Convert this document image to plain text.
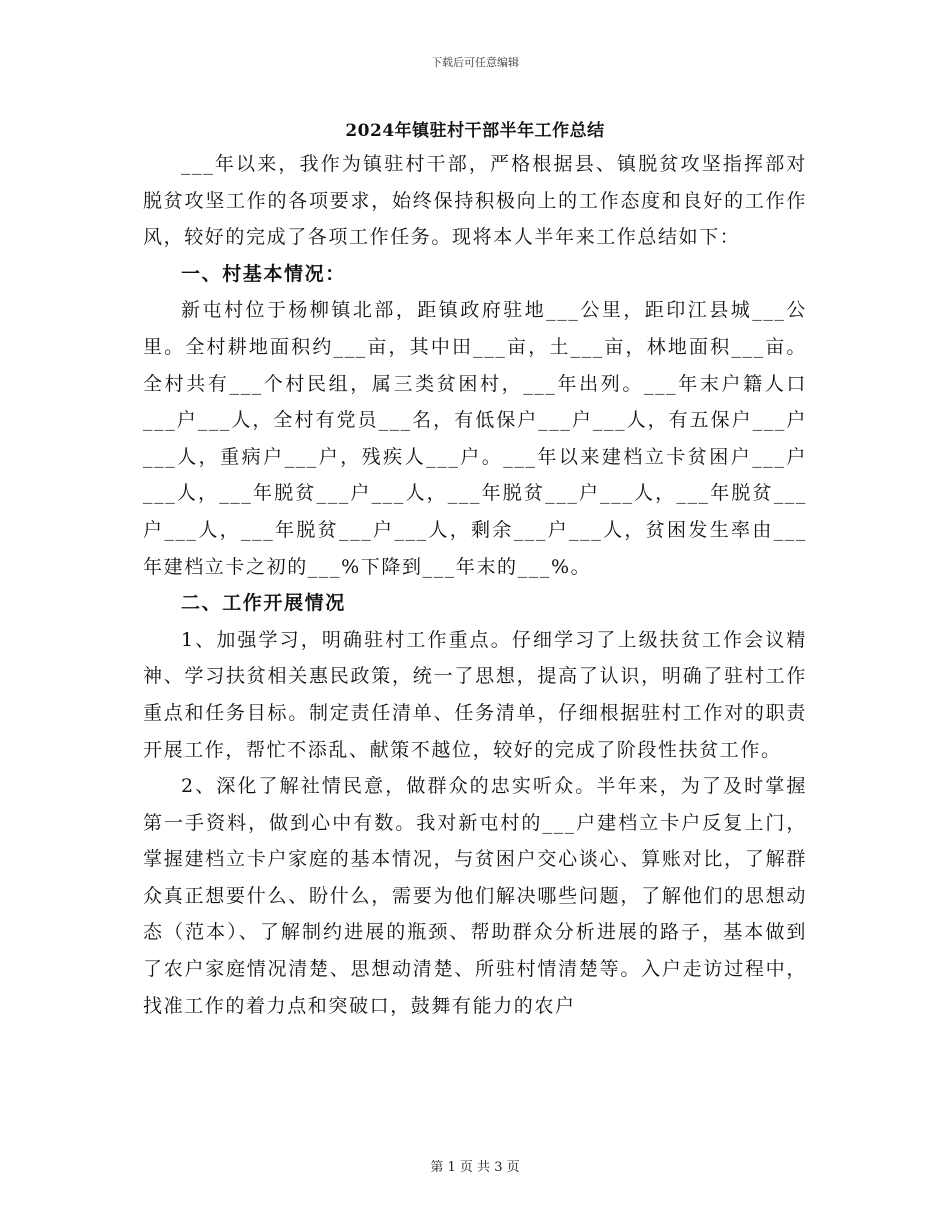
下载后可任意编辑
2024年镇驻村干部半年工作总结

___年以来，我作为镇驻村干部，严格根据县、镇脱贫攻坚指挥部对脱贫攻坚工作的各项要求，始终保持积极向上的工作态度和良好的工作作风，较好的完成了各项工作任务。现将本人半年来工作总结如下：

一、村基本情况：

新屯村位于杨柳镇北部，距镇政府驻地___公里，距印江县城___公里。全村耕地面积约___亩，其中田___亩，土___亩，林地面积___亩。全村共有___个村民组，属三类贫困村，___年出列。___年末户籍人口___户___人，全村有党员___名，有低保户___户___人，有五保户___户___人，重病户___户，残疾人___户。___年以来建档立卡贫困户___户___人，___年脱贫___户___人，___年脱贫___户___人，___年脱贫___户___人，___年脱贫___户___人，剩余___户___人，贫困发生率由___年建档立卡之初的___%下降到___年末的___%。

二、工作开展情况

1、加强学习，明确驻村工作重点。仔细学习了上级扶贫工作会议精神、学习扶贫相关惠民政策，统一了思想，提高了认识，明确了驻村工作重点和任务目标。制定责任清单、任务清单，仔细根据驻村工作对的职责开展工作，帮忙不添乱、献策不越位，较好的完成了阶段性扶贫工作。

2、深化了解社情民意，做群众的忠实听众。半年来，为了及时掌握第一手资料，做到心中有数。我对新屯村的___户建档立卡户反复上门，掌握建档立卡户家庭的基本情况，与贫困户交心谈心、算账对比，了解群众真正想要什么、盼什么，需要为他们解决哪些问题，了解他们的思想动态（范本）、了解制约进展的瓶颈、帮助群众分析进展的路子，基本做到了农户家庭情况清楚、思想动清楚、所驻村情清楚等。入户走访过程中，找准工作的着力点和突破口，鼓舞有能力的农户

第 1 页 共 3 页
